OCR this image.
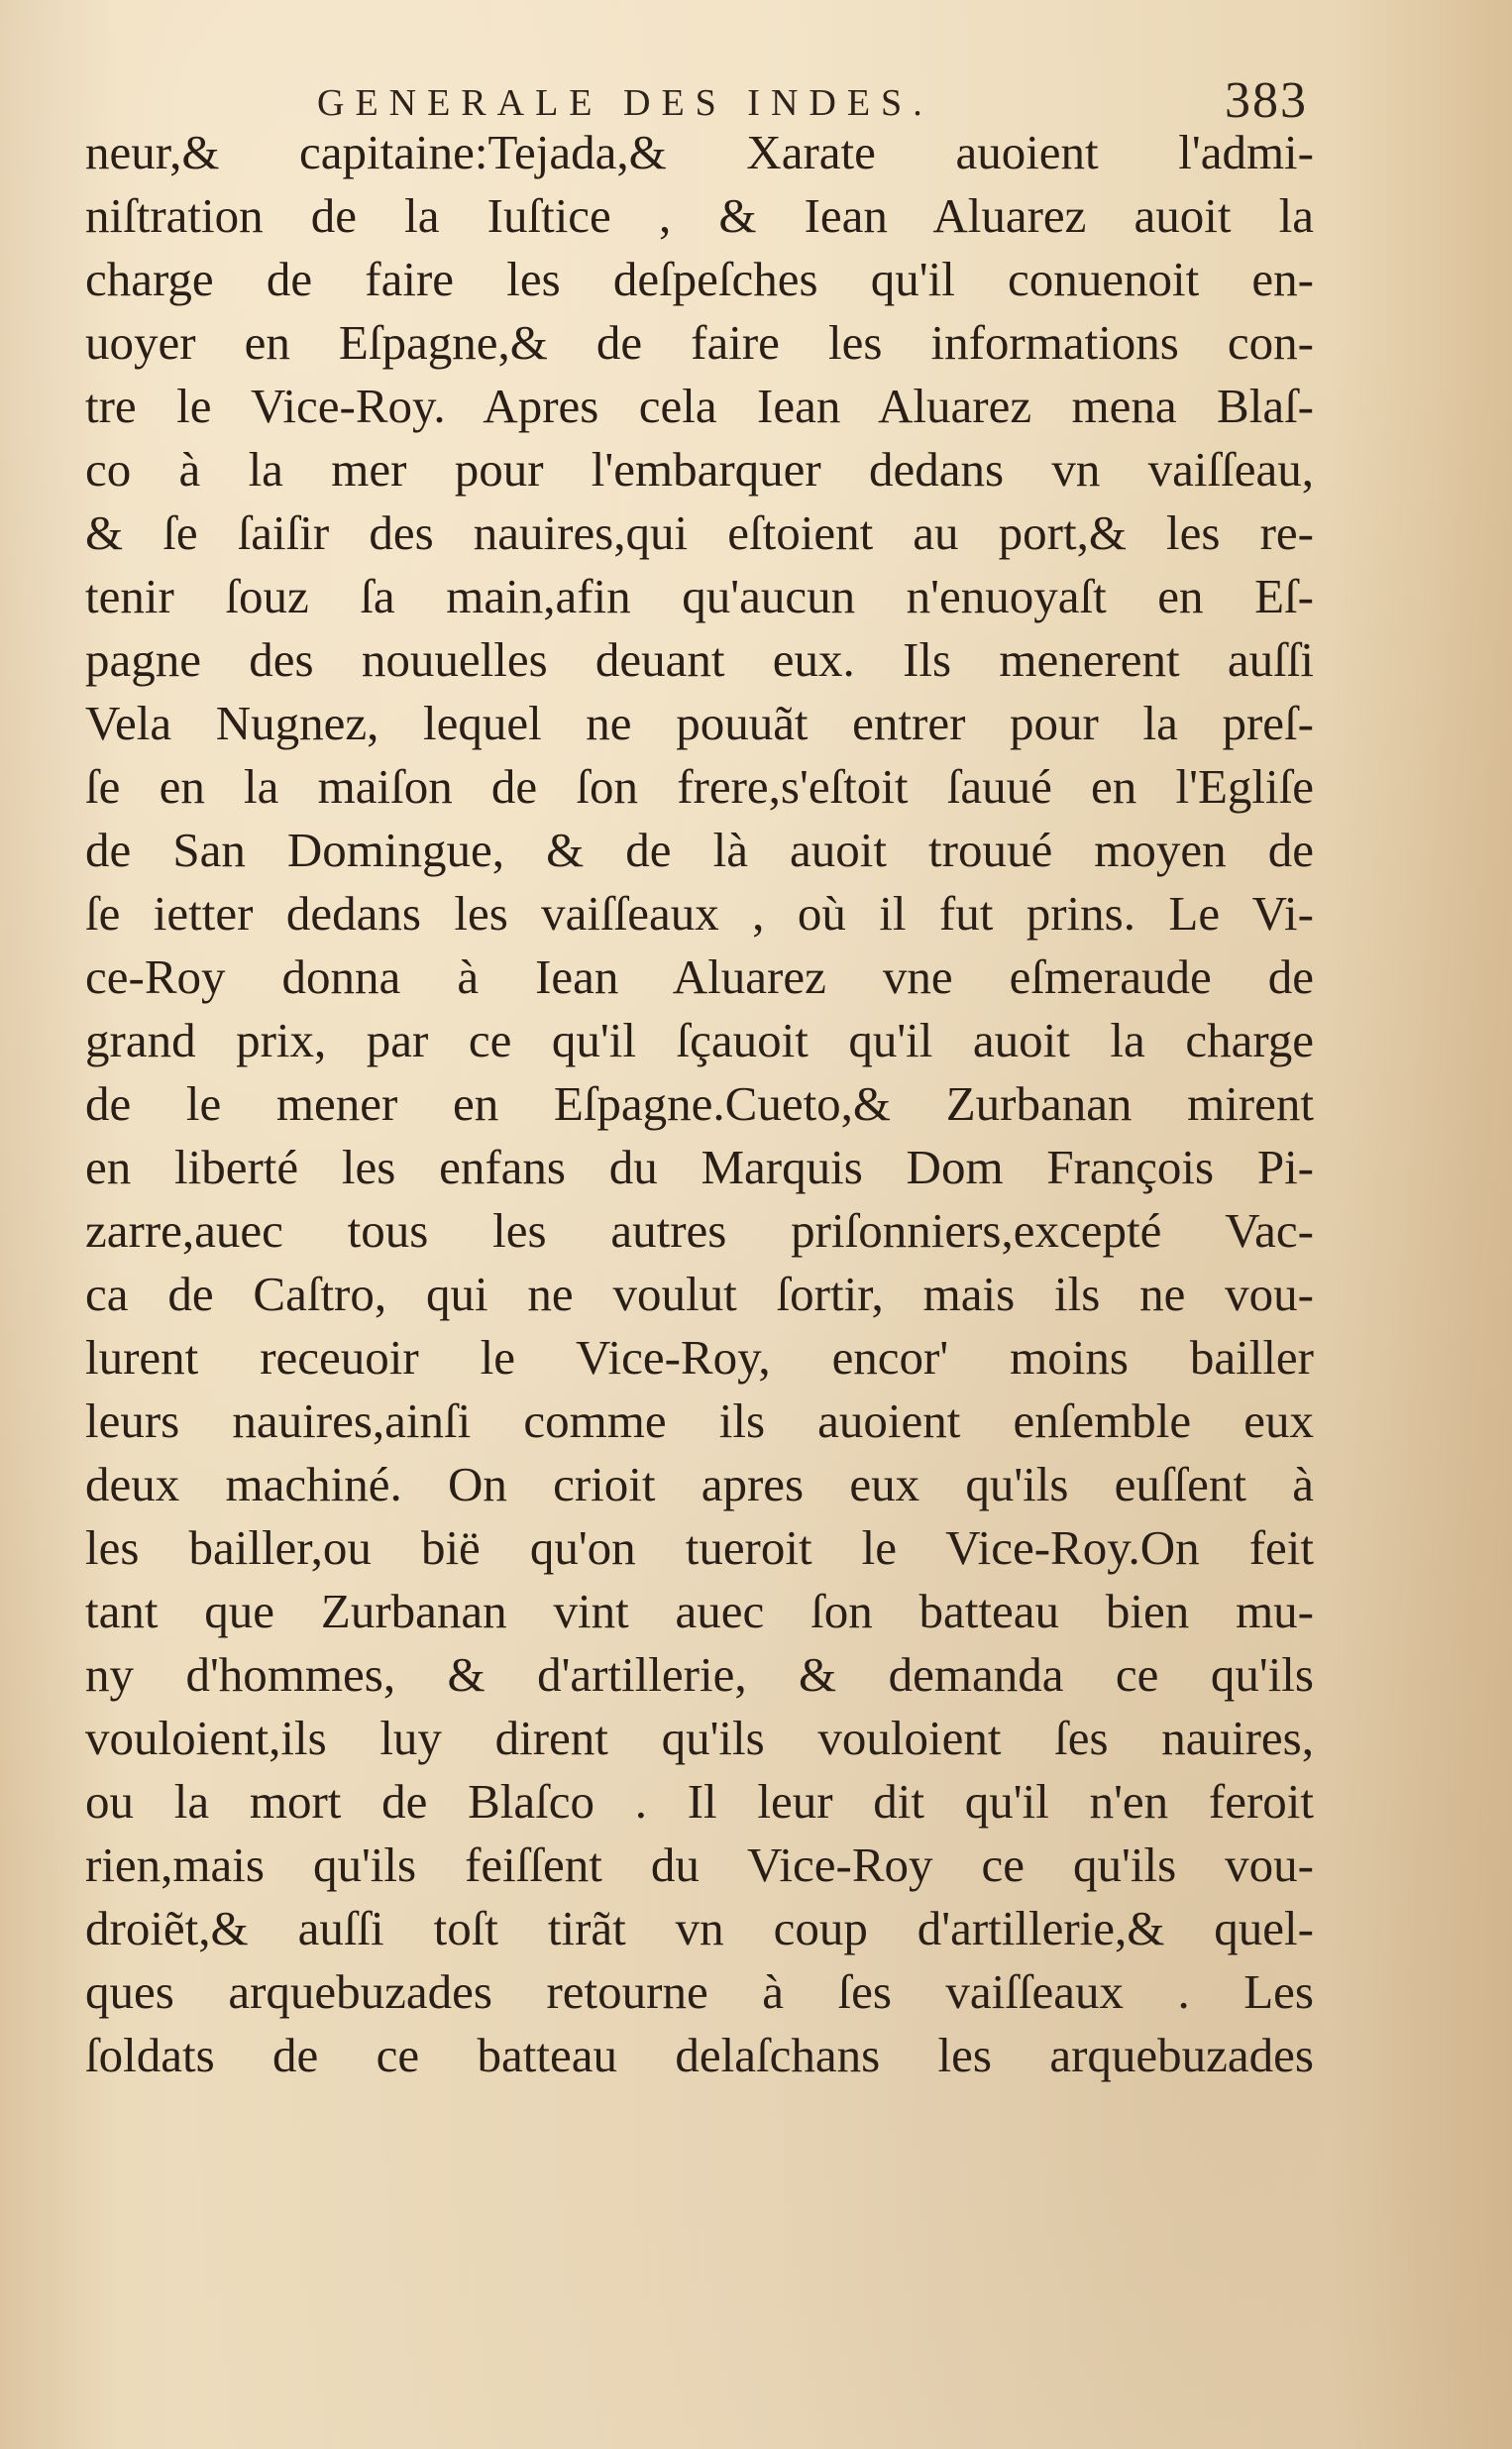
GENERALE DES INDES.	383
neur,& capitaine:Tejada,& Xarate auoient l'admi-
niſtration de la Iuſtice , & Iean Aluarez auoit la
charge de faire les deſpeſches qu'il conuenoit en-
uoyer en Eſpagne,& de faire les informations con-
tre le Vice-Roy. Apres cela Iean Aluarez mena Blaſ-
co à la mer pour l'embarquer dedans vn vaiſſeau,
& ſe ſaiſir des nauires,qui eſtoient au port,& les re-
tenir ſouz ſa main,afin qu'aucun n'enuoyaſt en Eſ-
pagne des nouuelles deuant eux. Ils menerent auſſi
Vela Nugnez, lequel ne pouuãt entrer pour la preſ-
ſe en la maiſon de ſon frere,s'eſtoit ſauué en l'Egliſe
de San Domingue, & de là auoit trouué moyen de
ſe ietter dedans les vaiſſeaux , où il fut prins. Le Vi-
ce-Roy donna à Iean Aluarez vne eſmeraude de
grand prix, par ce qu'il ſçauoit qu'il auoit la charge
de le mener en Eſpagne.Cueto,& Zurbanan mirent
en liberté les enfans du Marquis Dom François Pi-
zarre,auec tous les autres priſonniers,excepté Vac-
ca de Caſtro, qui ne voulut ſortir, mais ils ne vou-
lurent receuoir le Vice-Roy, encor' moins bailler
leurs nauires,ainſi comme ils auoient enſemble eux
deux machiné. On crioit apres eux qu'ils euſſent à
les bailler,ou bië qu'on tueroit le Vice-Roy.On feit
tant que Zurbanan vint auec ſon batteau bien mu-
ny d'hommes, & d'artillerie, & demanda ce qu'ils
vouloient,ils luy dirent qu'ils vouloient ſes nauires,
ou la mort de Blaſco . Il leur dit qu'il n'en feroit
rien,mais qu'ils feiſſent du Vice-Roy ce qu'ils vou-
droiẽt,& auſſi toſt tirãt vn coup d'artillerie,& quel-
ques arquebuzades retourne à ſes vaiſſeaux . Les
ſoldats de ce batteau delaſchans les arquebuzades
